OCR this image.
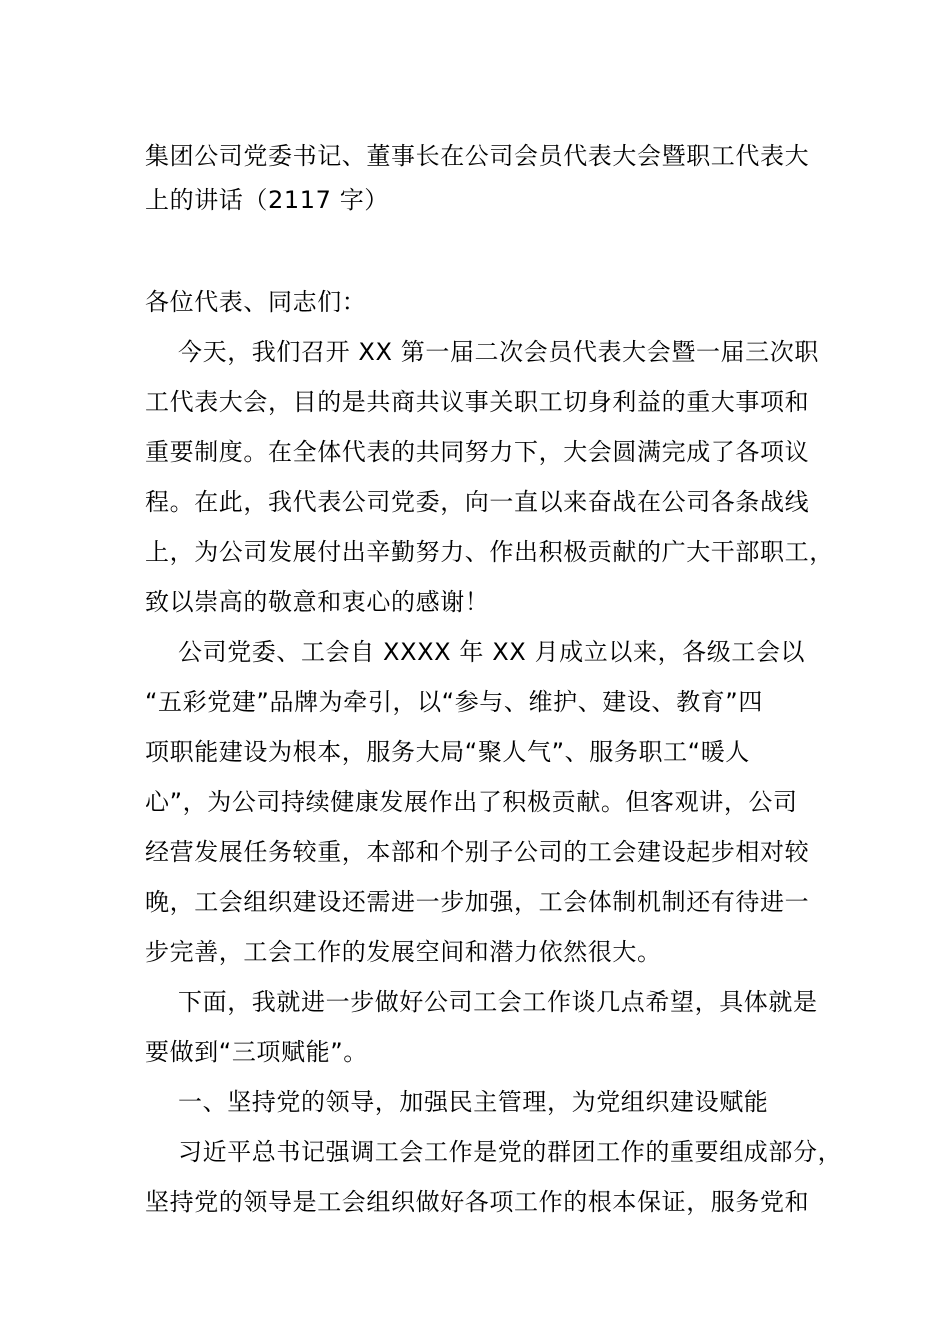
集团公司党委书记、董事长在公司会员代表大会暨职工代表大
上的讲话（2117 字）
各位代表、同志们：
今天，我们召开 XX 第一届二次会员代表大会暨一届三次职
工代表大会，目的是共商共议事关职工切身利益的重大事项和
重要制度。在全体代表的共同努力下，大会圆满完成了各项议
程。在此，我代表公司党委，向一直以来奋战在公司各条战线
上，为公司发展付出辛勤努力、作出积极贡献的广大干部职工，
致以崇高的敬意和衷心的感谢！
公司党委、工会自 XXXX 年 XX 月成立以来，各级工会以
“五彩党建”品牌为牵引，以“参与、维护、建设、教育”四
项职能建设为根本，服务大局“聚人气”、服务职工“暖人
心”，为公司持续健康发展作出了积极贡献。但客观讲，公司
经营发展任务较重，本部和个别子公司的工会建设起步相对较
晚，工会组织建设还需进一步加强，工会体制机制还有待进一
步完善，工会工作的发展空间和潜力依然很大。
下面，我就进一步做好公司工会工作谈几点希望，具体就是
要做到“三项赋能”。
一、坚持党的领导，加强民主管理，为党组织建设赋能
习近平总书记强调工会工作是党的群团工作的重要组成部分，
坚持党的领导是工会组织做好各项工作的根本保证，服务党和
